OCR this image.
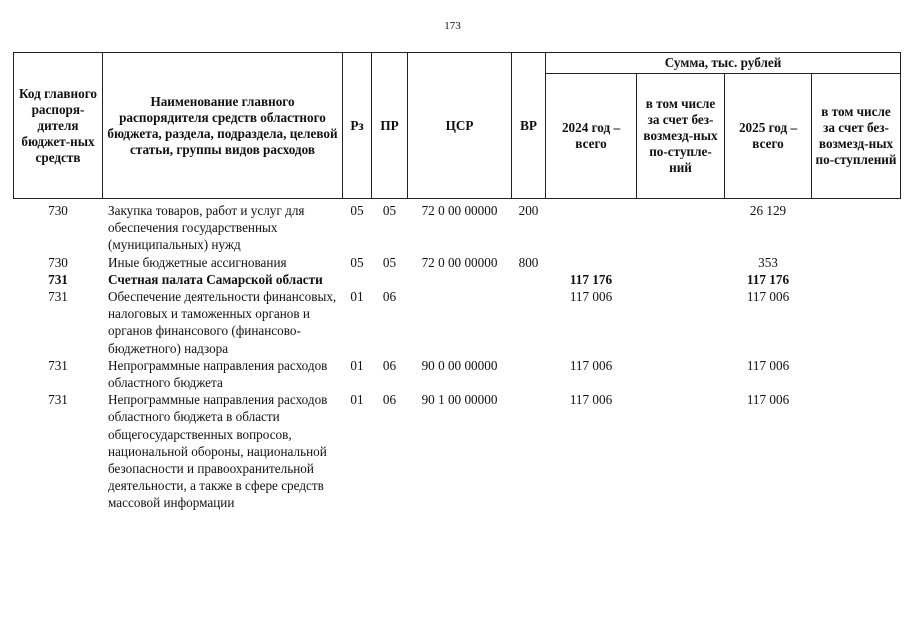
173
Код главного распоря-дителя бюджет-ных средств	Наименование главного распорядителя средств областного бюджета, раздела, подраздела, целевой статьи, группы видов расходов	Рз	ПР	ЦСР	ВР	Сумма, тыс. рублей			
						2024 год – всего	в том числе за счет без-возмезд-ных по-ступле-ний	2025 год – всего	в том числе за счет без-возмезд-ных по-ступлений
730	Закупка товаров, работ и услуг для обеспечения государственных (муниципальных) нужд	05	05	72 0 00 00000	200			26 129	
730	Иные бюджетные ассигнования	05	05	72 0 00 00000	800			353	
731	Счетная палата Самарской области					117 176		117 176	
731	Обеспечение деятельности финансовых, налоговых и таможенных органов и органов финансового (финансово-бюджетного) надзора	01	06			117 006		117 006	
731	Непрограммные направления расходов областного бюджета	01	06	90 0 00 00000		117 006		117 006	
731	Непрограммные направления расходов областного бюджета в области общегосударственных вопросов, национальной обороны, национальной безопасности и правоохранительной деятельности, а также в сфере средств массовой информации	01	06	90 1 00 00000		117 006		117 006	
